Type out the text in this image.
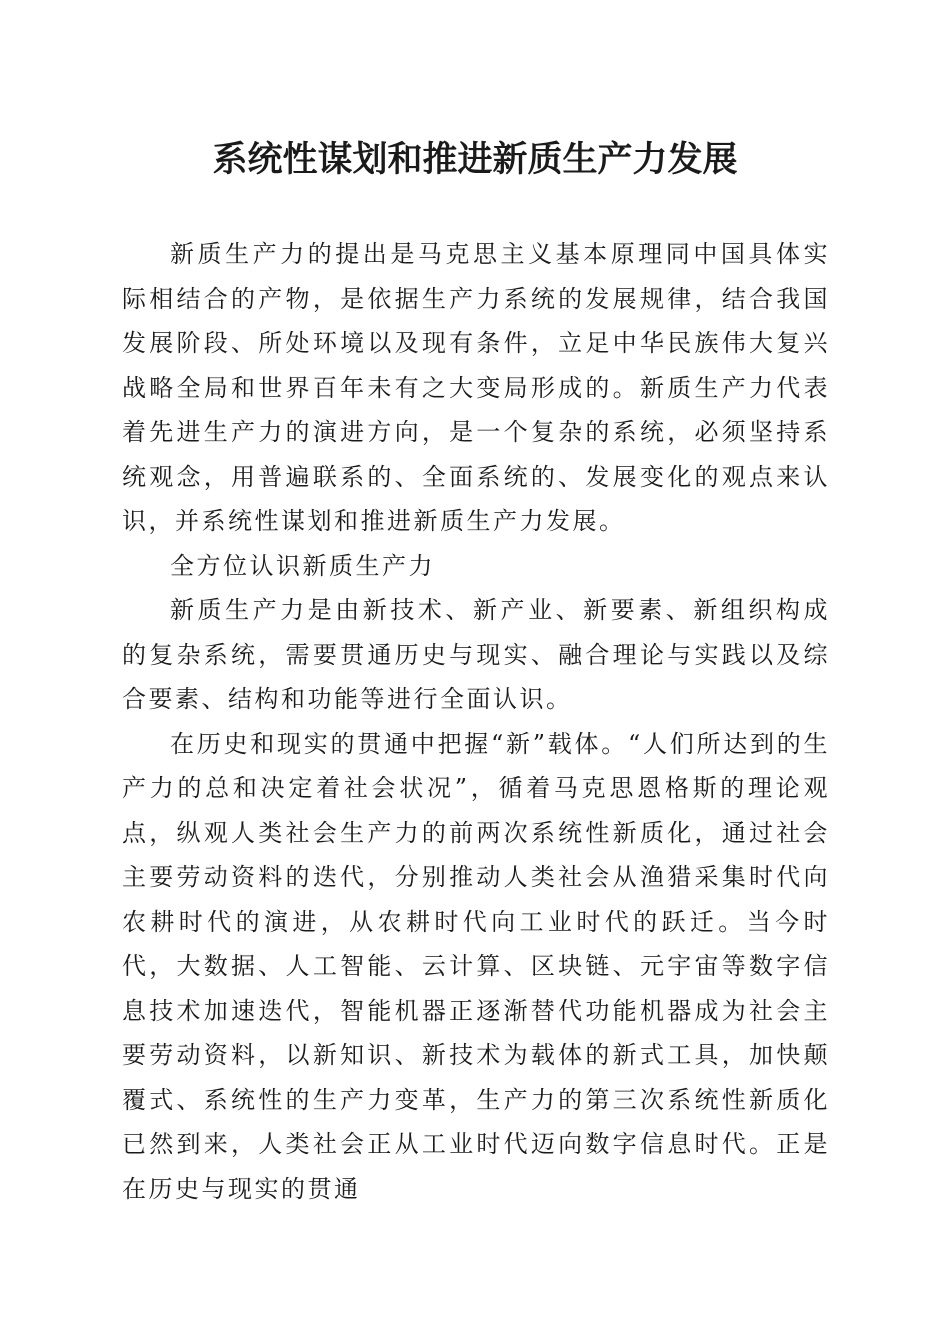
系统性谋划和推进新质生产力发展

新质生产力的提出是马克思主义基本原理同中国具体实际相结合的产物，是依据生产力系统的发展规律，结合我国发展阶段、所处环境以及现有条件，立足中华民族伟大复兴战略全局和世界百年未有之大变局形成的。新质生产力代表着先进生产力的演进方向，是一个复杂的系统，必须坚持系统观念，用普遍联系的、全面系统的、发展变化的观点来认识，并系统性谋划和推进新质生产力发展。

全方位认识新质生产力

新质生产力是由新技术、新产业、新要素、新组织构成的复杂系统，需要贯通历史与现实、融合理论与实践以及综合要素、结构和功能等进行全面认识。

在历史和现实的贯通中把握“新”载体。“人们所达到的生产力的总和决定着社会状况”，循着马克思恩格斯的理论观点，纵观人类社会生产力的前两次系统性新质化，通过社会主要劳动资料的迭代，分别推动人类社会从渔猎采集时代向农耕时代的演进，从农耕时代向工业时代的跃迁。当今时代，大数据、人工智能、云计算、区块链、元宇宙等数字信息技术加速迭代，智能机器正逐渐替代功能机器成为社会主要劳动资料，以新知识、新技术为载体的新式工具，加快颠覆式、系统性的生产力变革，生产力的第三次系统性新质化已然到来，人类社会正从工业时代迈向数字信息时代。正是在历史与现实的贯通
